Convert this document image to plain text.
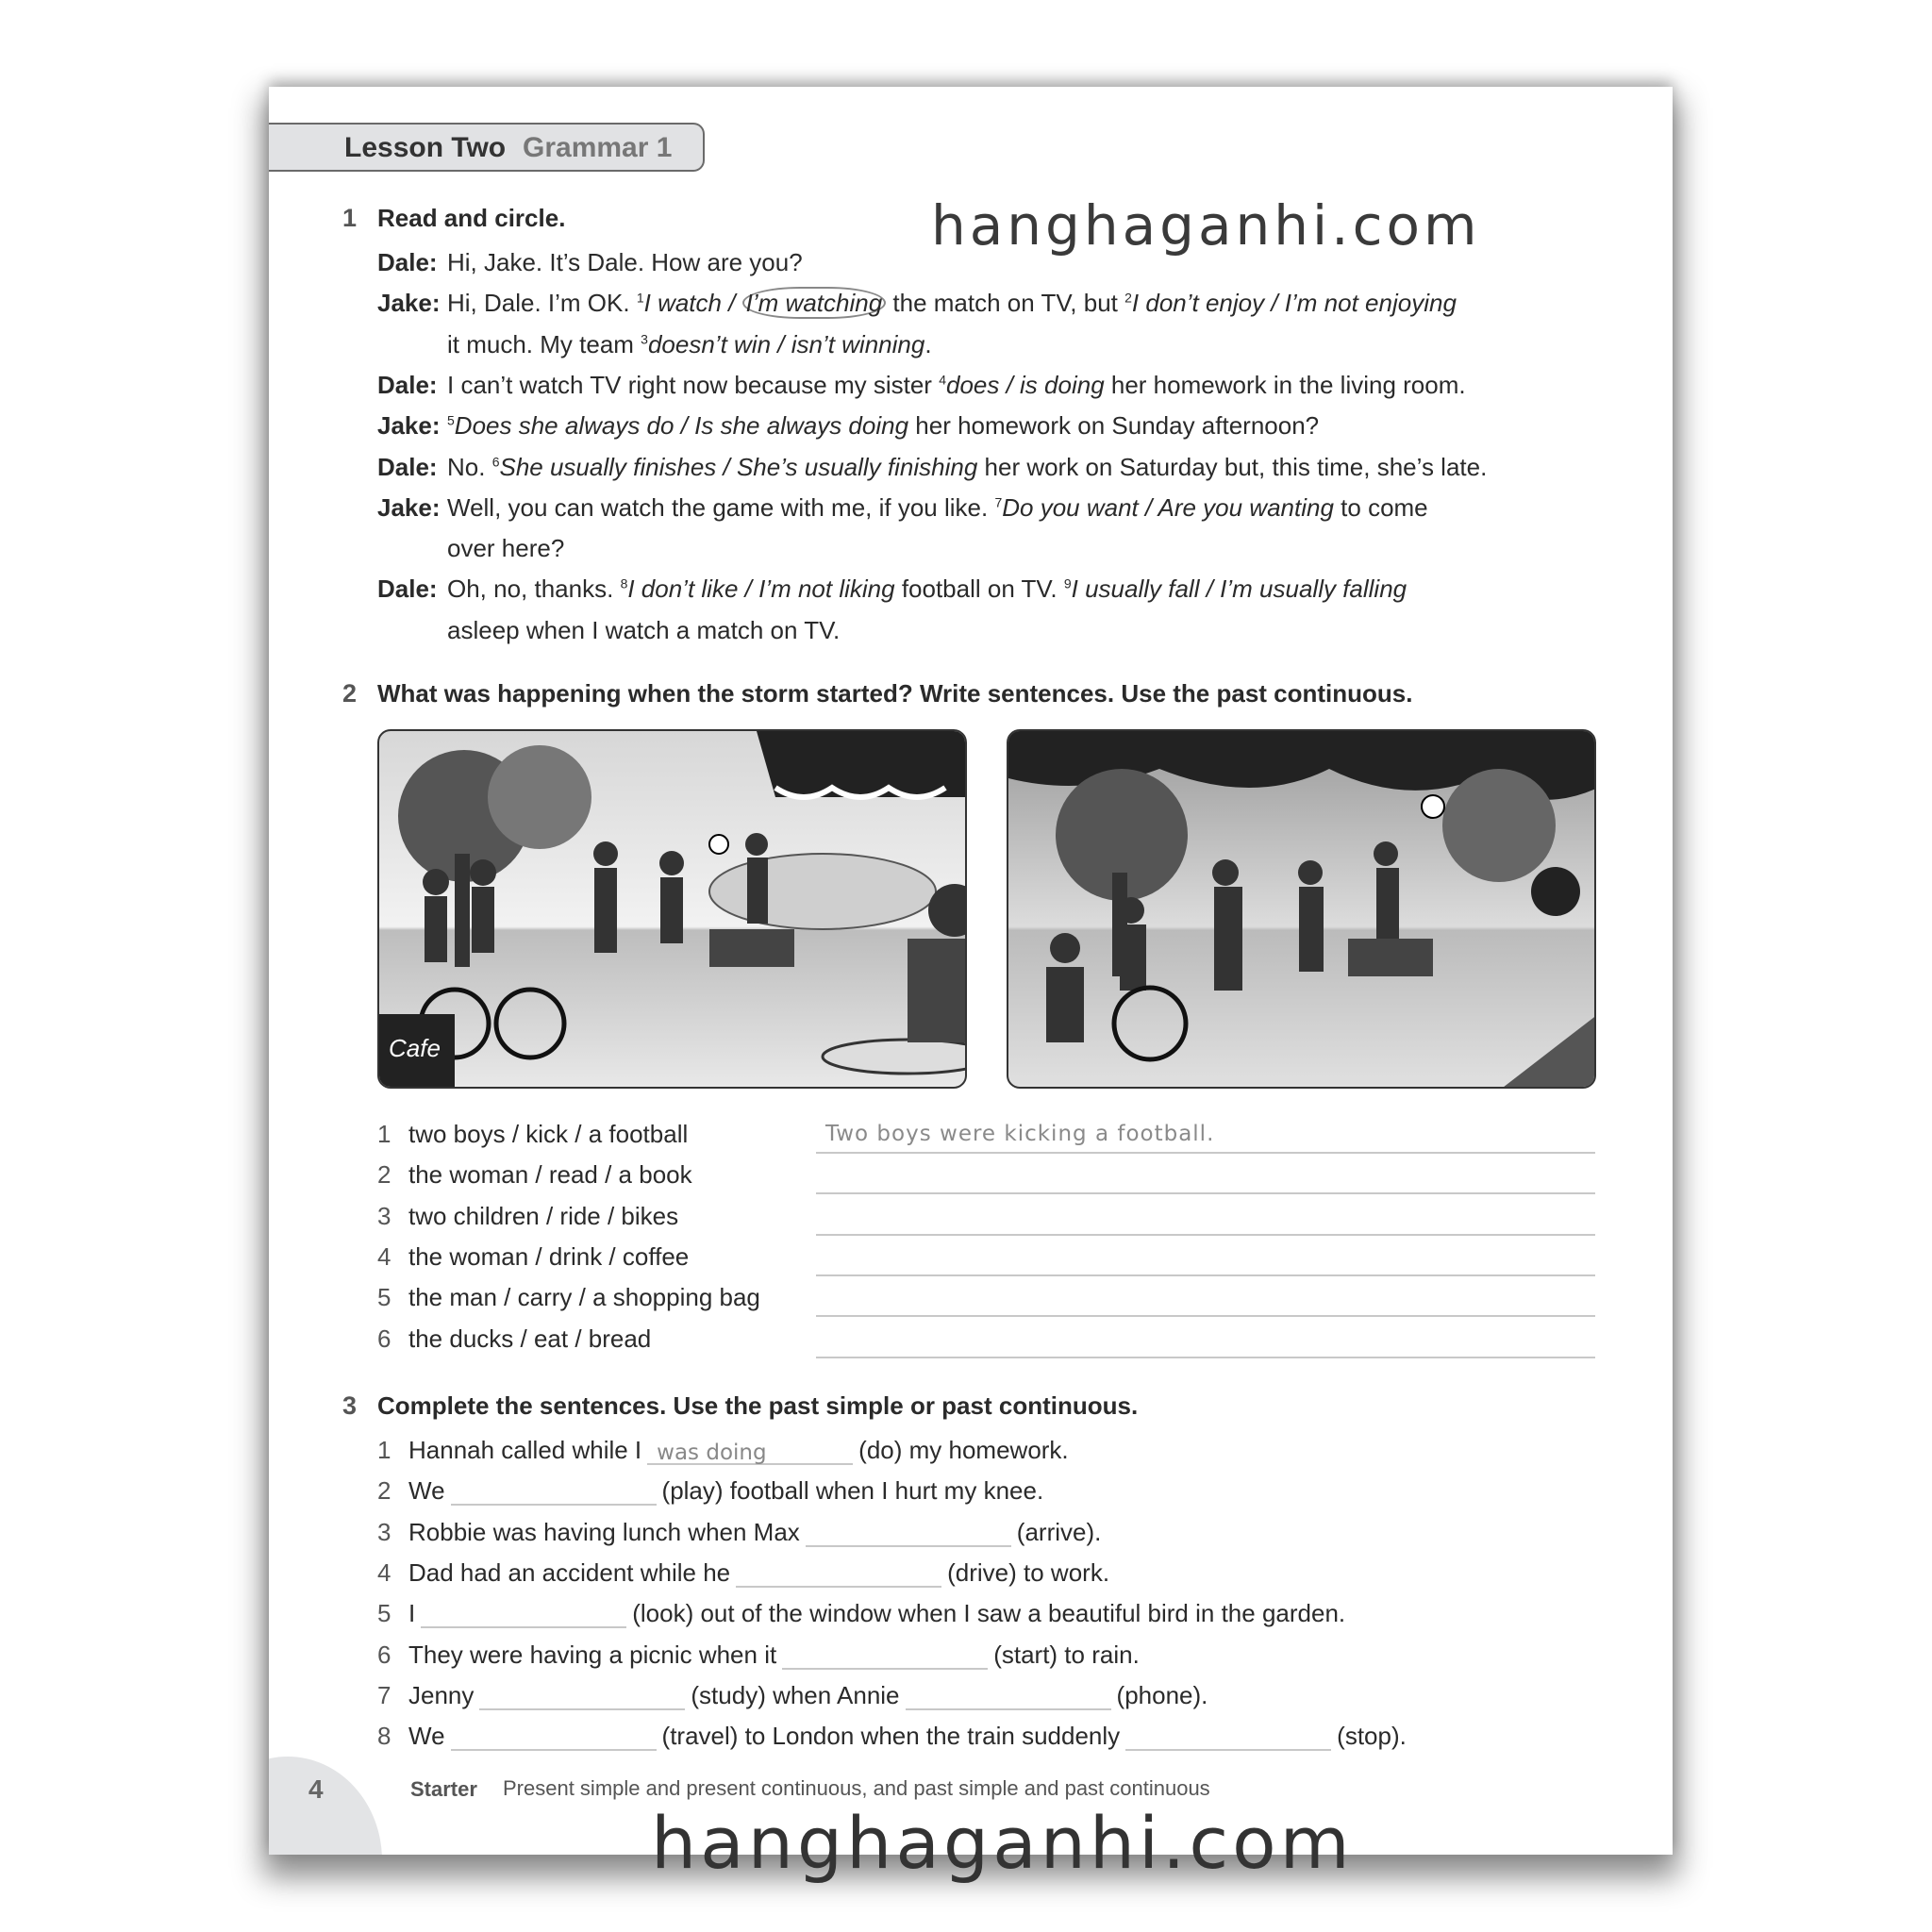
Lesson Two Grammar 1
hanghaganhi.com
1 Read and circle.
Dale: Hi, Jake. It’s Dale. How are you?
Jake: Hi, Dale. I’m OK. $^1$I watch / I’m watching the match on TV, but $^2$I don’t enjoy / I’m not enjoying
it much. My team $^3$doesn’t win / isn’t winning.
Dale: I can’t watch TV right now because my sister $^4$does / is doing her homework in the living room.
Jake: $^5$Does she always do / Is she always doing her homework on Sunday afternoon?
Dale: No. $^6$She usually finishes / She’s usually finishing her work on Saturday but, this time, she’s late.
Jake: Well, you can watch the game with me, if you like. $^7$Do you want / Are you wanting to come
over here?
Dale: Oh, no, thanks. $^8$I don’t like / I’m not liking football on TV. $^9$I usually fall / I’m usually falling
asleep when I watch a match on TV.
2 What was happening when the storm started? Write sentences. Use the past continuous.
Cafe
1 two boys / kick / a football	Two boys were kicking a football.
2 the woman / read / a book
3 two children / ride / bikes
4 the woman / drink / coffee
5 the man / carry / a shopping bag
6 the ducks / eat / bread
3 Complete the sentences. Use the past simple or past continuous.
1 Hannah called while I was doing	(do) my homework.
2 We	(play) football when I hurt my knee.
3 Robbie was having lunch when Max	(arrive).
4 Dad had an accident while he	(drive) to work.
5 I	(look) out of the window when I saw a beautiful bird in the garden.
6 They were having a picnic when it	(start) to rain.
7 Jenny	(study) when Annie	(phone).
8 We	(travel) to London when the train suddenly	(stop).
4	Starter Present simple and present continuous, and past simple and past continuous
hanghaganhi.com
